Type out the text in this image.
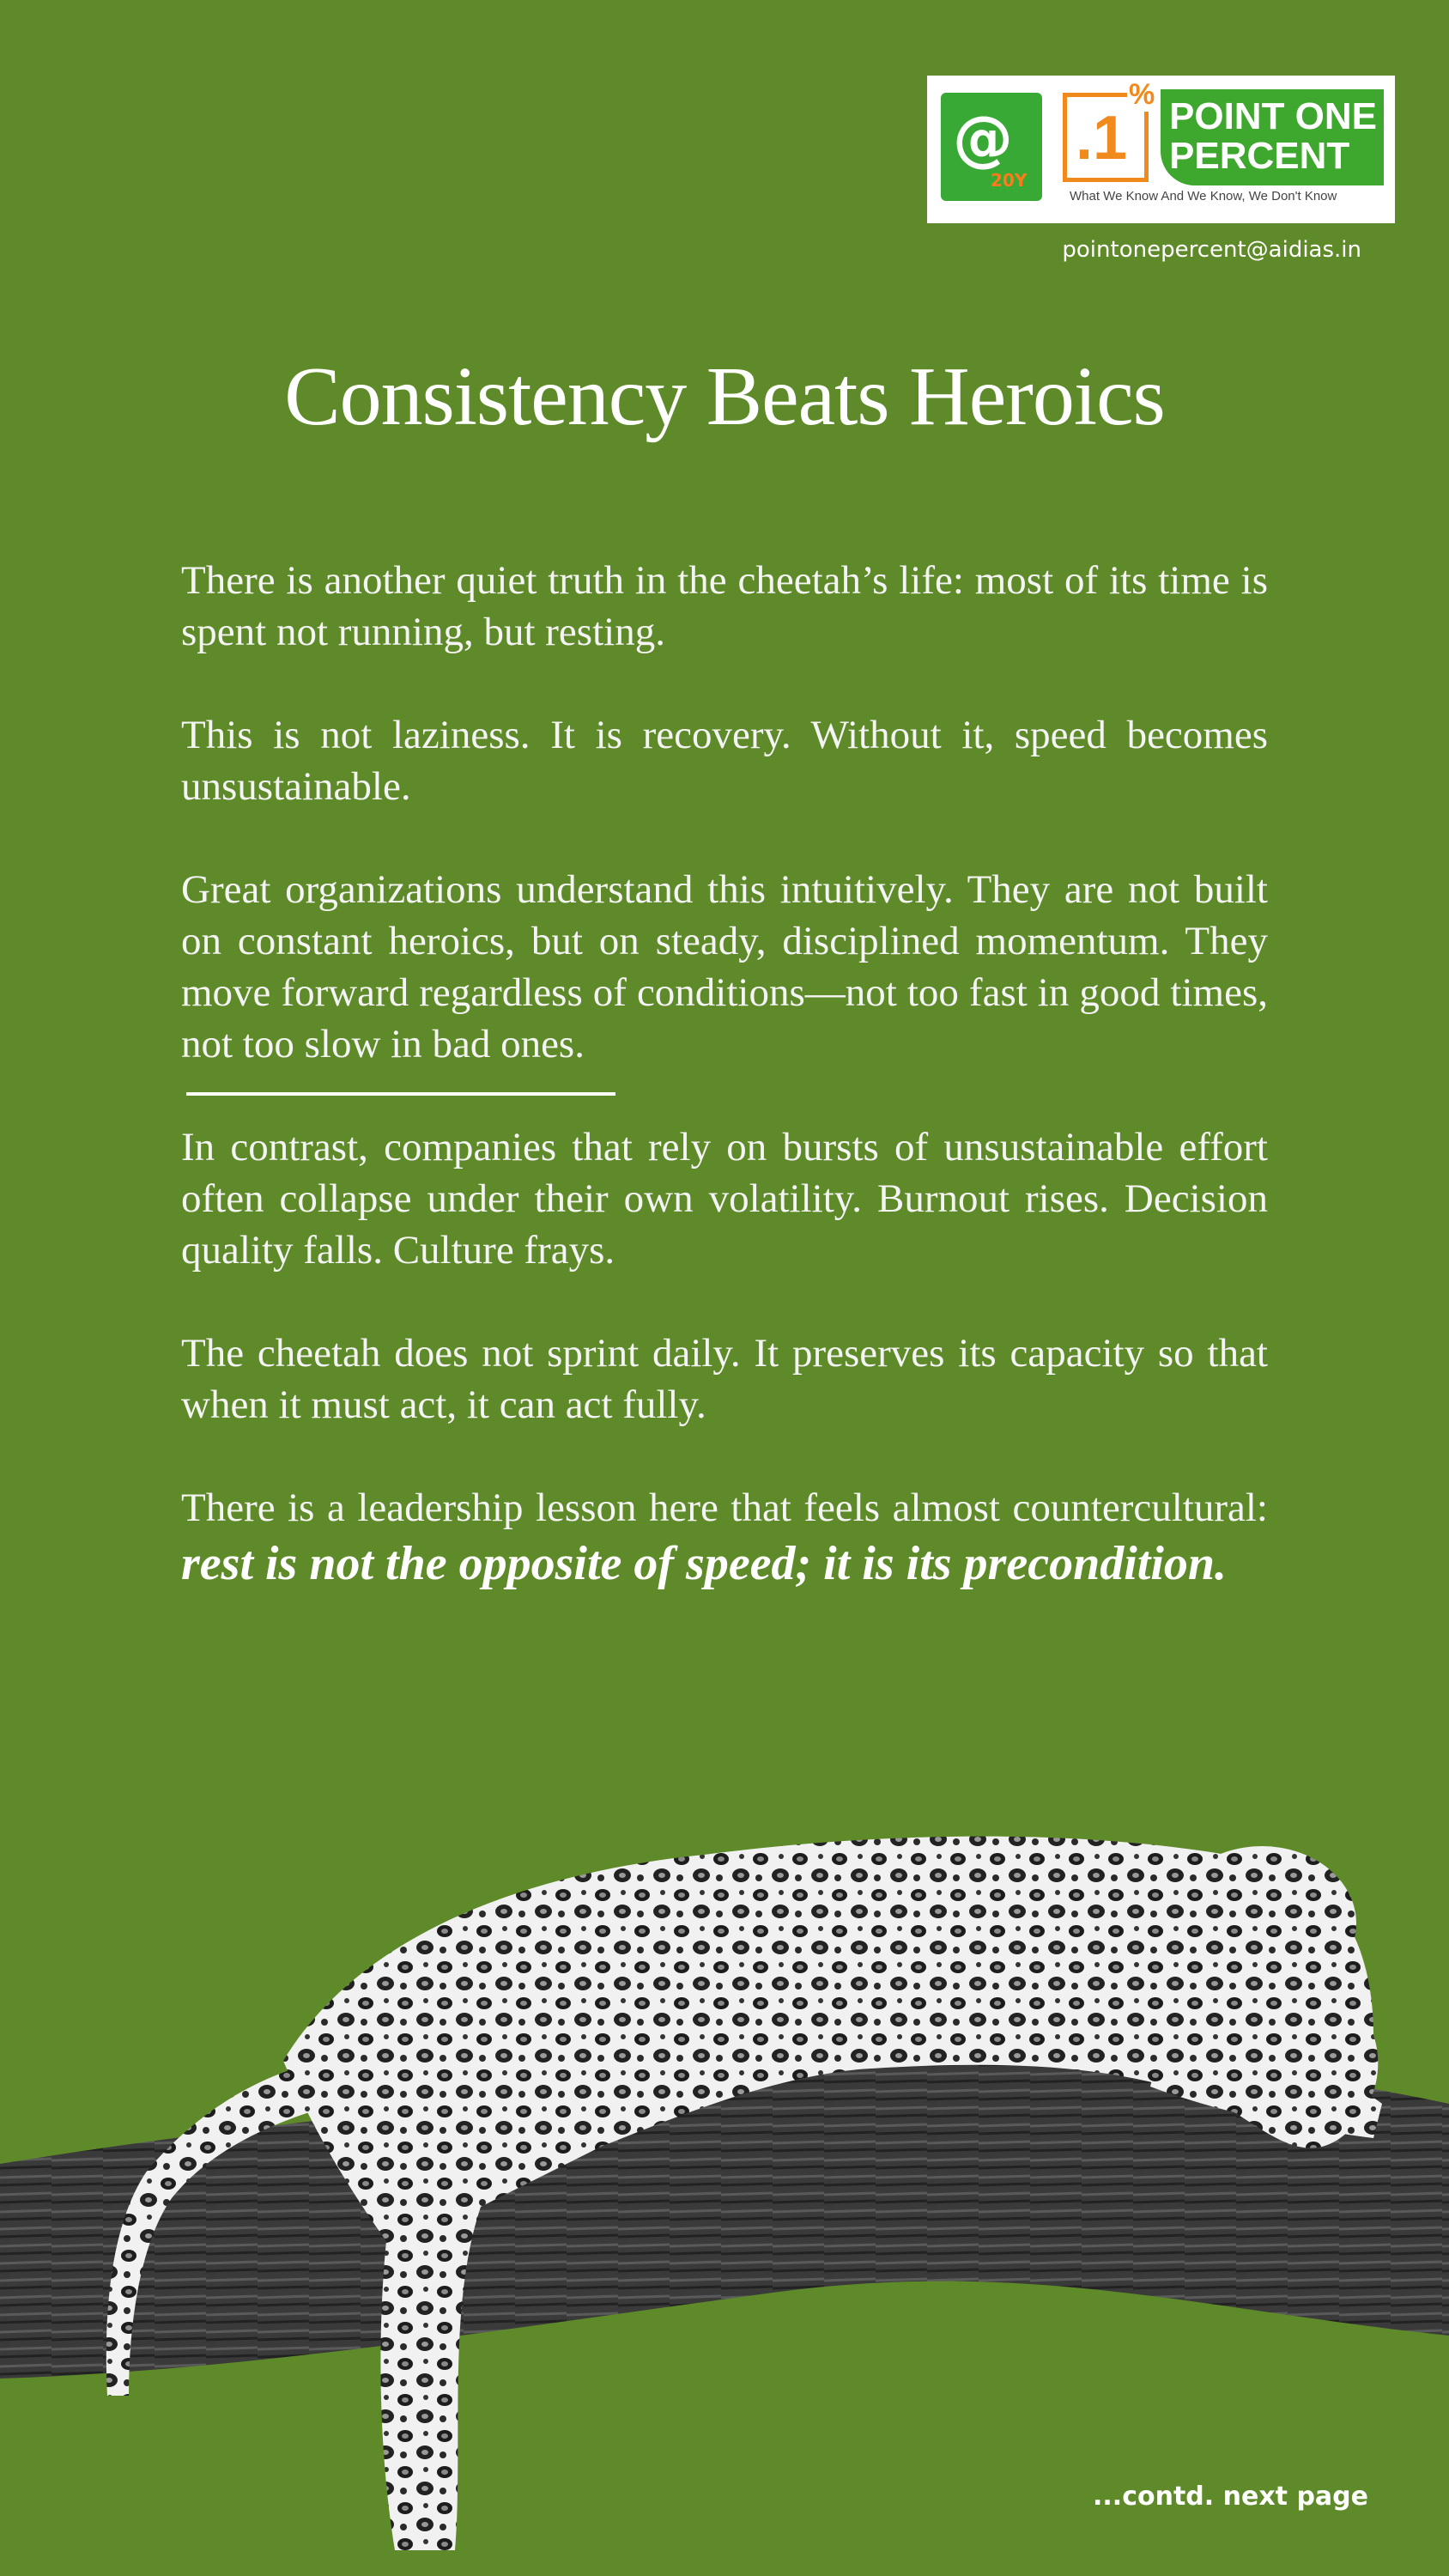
@
20Y
.1
%
POINT ONE
PERCENT
What We Know And We Know, We Don't Know
pointonepercent@aidias.in
Consistency Beats Heroics

There is another quiet truth in the cheetah’s life: most of its time is spent not running, but resting.

This is not laziness. It is recovery. Without it, speed becomes unsustainable.

Great organizations understand this intuitively. They are not built on constant heroics, but on steady, disciplined momentum. They move forward regardless of conditions—not too fast in good times, not too slow in bad ones.

In contrast, companies that rely on bursts of unsustainable effort often collapse under their own volatility. Burnout rises. Decision quality falls. Culture frays.

The cheetah does not sprint daily. It preserves its capacity so that when it must act, it can act fully.

There is a leadership lesson here that feels almost countercultural: rest is not the opposite of speed; it is its precondition.

...contd. next page
